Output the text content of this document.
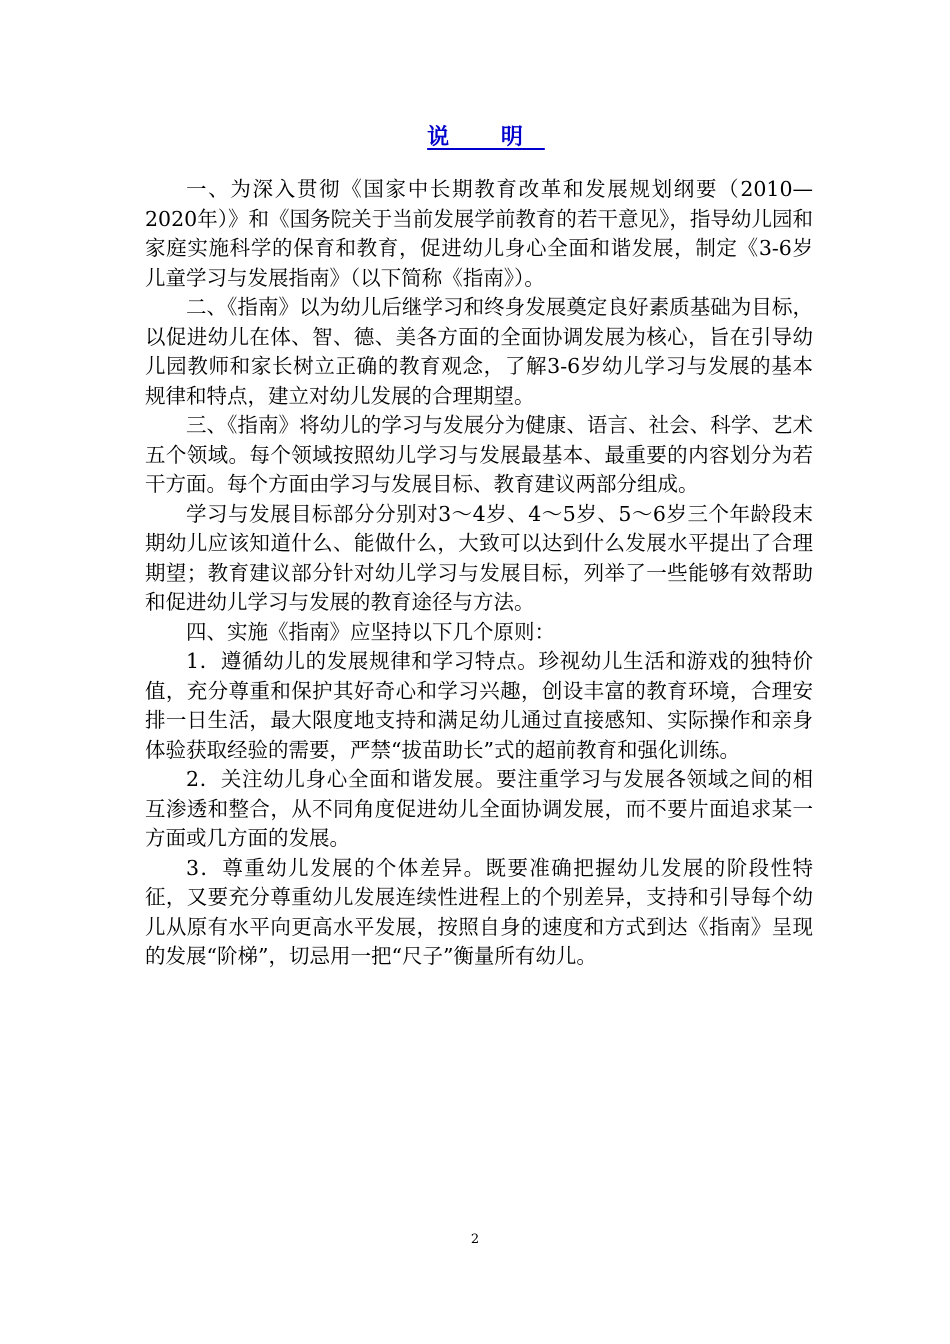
说 明

一、为深入贯彻《国家中长期教育改革和发展规划纲要（2010—2020年）》和《国务院关于当前发展学前教育的若干意见》，指导幼儿园和家庭实施科学的保育和教育，促进幼儿身心全面和谐发展，制定《3-6岁儿童学习与发展指南》（以下简称《指南》）。

二、《指南》以为幼儿后继学习和终身发展奠定良好素质基础为目标，以促进幼儿在体、智、德、美各方面的全面协调发展为核心，旨在引导幼儿园教师和家长树立正确的教育观念，了解3-6岁幼儿学习与发展的基本规律和特点，建立对幼儿发展的合理期望。

三、《指南》将幼儿的学习与发展分为健康、语言、社会、科学、艺术五个领域。每个领域按照幼儿学习与发展最基本、最重要的内容划分为若干方面。每个方面由学习与发展目标、教育建议两部分组成。

学习与发展目标部分分别对3～4岁、4～5岁、5～6岁三个年龄段末期幼儿应该知道什么、能做什么，大致可以达到什么发展水平提出了合理期望；教育建议部分针对幼儿学习与发展目标，列举了一些能够有效帮助和促进幼儿学习与发展的教育途径与方法。

四、实施《指南》应坚持以下几个原则：

1．遵循幼儿的发展规律和学习特点。珍视幼儿生活和游戏的独特价值，充分尊重和保护其好奇心和学习兴趣，创设丰富的教育环境，合理安排一日生活，最大限度地支持和满足幼儿通过直接感知、实际操作和亲身体验获取经验的需要，严禁“拔苗助长”式的超前教育和强化训练。

2．关注幼儿身心全面和谐发展。要注重学习与发展各领域之间的相互渗透和整合，从不同角度促进幼儿全面协调发展，而不要片面追求某一方面或几方面的发展。

3．尊重幼儿发展的个体差异。既要准确把握幼儿发展的阶段性特征，又要充分尊重幼儿发展连续性进程上的个别差异，支持和引导每个幼儿从原有水平向更高水平发展，按照自身的速度和方式到达《指南》呈现的发展“阶梯”，切忌用一把“尺子”衡量所有幼儿。

2
